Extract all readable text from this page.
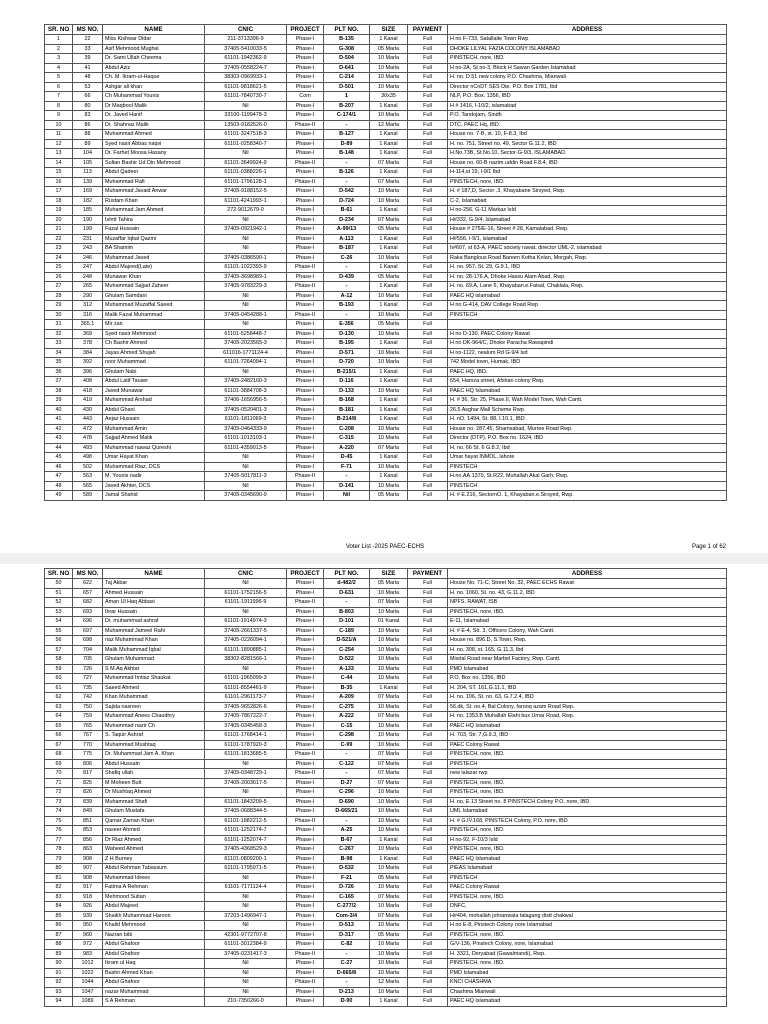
SR. NO	MS NO.	NAME	CNIC	PROJECT	PLT NO.	SIZE	PAYMENT	ADDRESS
1	22	Miss Kishwar Didar	211-3713396-9	Phase-I	B-135	1 Kanal	Full	H no F-733, Satallaite Town Rwp
2	33	Asif Mehmood Mughal	37405-5410033-5	Phase-I	G-308	05 Marla	Full	DHOKE LILYAL FAZIA COLONY ISLAMABAD
3	39	Dr. Sami Ullah Cheema	61101-1942362-9	Phase-I	D-504	10 Marla	Full	PINSTECH, nore, IBD.
4	41	Abdul Aziz	37405-0558224-7	Phase-I	D-641	10 Marla	Full	H no-2A, St no-3, Block H Sawan Garden Islamabad
5	48	Ch. M. Ikram-ul-Haque	38303-0969933-1	Phase-I	C-214	10 Marla	Full	H. no. D.51 new colony P.O. Chashma, Mianwali
6	53	Ashgar ali khan	61101-9818621-5	Phase-I	D-501	10 Marla	Full	Director nCnDT SES Dte. P.O. Box 1781, Ibd
7	66	Ch Muhammad Younis	61101-7840730-7	Com	1	30x35	Full	NLP, P.O. Box. 1356, IBD
8	80	Dr Maqbool Malik	Nil	Phase-I	B-207	1 Kanal	Full	H # 1416, I-10/2, islamabad
9	83	Dr. Javed Hanif	33100-1199478-3	Phase-I	C-174/1	10 Marla	Full	P.O. Tandojam, Sindh
10	86	Dr. Shahnaz Malik	13503-9182526-0	Phase-II	-	12 Marla	Full	DTC, PAEC Hq, IBD.
11	88	Muhammad Ahmed	61101-3247518-3	Phase-I	B-127	1 Kanal	Full	House no. 7-B, st. 10, F-8.3, Ibd
12	89	Syed nasir Abbas naqvi	61101-0258340-7	Phase-I	D-89	1 Kanal	Full	H. no. 751, Street no. 49, Sector G.11.2, IBD
13	104	Dr. Farhet Moosa Hasany	Nil	Phase-I	B-148	1 Kanal	Full	H.No.73B, St.No.10, Sector-G-9/3, ISLAMABAD.
14	105	Sultan Bashir Ud Din Mehmood	61101-3649924-9	Phase-II	-	07 Marla	Full	House no. 60-B nazim.uddin Road F.8.4, IBD
15	113	Abdul Qadeer	61101-0388226-1	Phase-I	B-126	1 Kanal	Full	H-114,st 19, I-9/1 Ibd
16	139	Muhammad Rafi	61101-1796128-1	Phase-II	-	07 Marla	Full	PINSTECH, nore, IBD.
17	169	Muhammad Javaid Anwar	37405-9188152-5	Phase-I	D-542	10 Marla	Full	H. # 187,D, Sector .3, Khayabane Sirsyed, Rwp.
18	182	Rustam Khan	61101-4241993-1	Phase-I	D-724	10 Marla	Full	C-2, Islamabad
19	185	Muhammad Jam Ahmed	272-9012679-0	Phase-I	B-61	1 Kanal	Full	H no-256, G-11 Markaz Isld
20	190	Ishrit Tahira	Nil	Phase-I	D-234	07 Marla	Full	H#332, G-9/4, Islamabad
21	199	Fazal Hussain	37405-0921942-1	Phase-I	A-99/13	05 Marla	Full	House # 275/E-16, Street # 28, Kamalabad, Rwp.
22	231	Muzaffar Iqbal Qazmi	Nil	Phase-I	A-113	1 Kanal	Full	H#556, I-9/1, islamabad
23	243	BA Shamim	Nil	Phase-I	B-187	1 Kanal	Full	h#607, st 63-A, PAEC society rawat, director UML-2, islamabad
24	246	Muhammad Javed	37405-0386590-1	Phase-I	C-26	10 Marla	Full	Raka Banglous Road Bareen Kotha Kolan, Morgah, Rwp.
25	247	Abdul Majeed(Late)	61101-1022393-9	Phase-II	-	1 Kanal	Full	H. no. 957, St. 29, G.9.1, IBD
26	248	Munawar Khan	37405-3698989-1	Phase-I	D-439	05 Marla	Full	H. no. 28-176.A, Dhoke Hassu Alam Abad, Rwp.
27	265	Muhammad Sajjad Zaheer	37405-9783229-3	Phase-II	-	1 Kanal	Full	H. no. 69.A, Lane 6, Khayaban.e.Faisal, Chaklala, Rwp.
28	290	Ghulam Samdani	Nil	Phase-I	A-12	10 Marla	Full	PAEC HQ islamabad
29	312	Muhammad Muzaffal Saeed	Nil	Phase-I	B-193	1 Kanal	Full	H no G-414, DAV College Road Rwp
30	316	Malik Fazal Muhammad	37405-0454288-1	Phase-II	-	10 Marla	Full	PINSTECH
31	365.1	Mir zan	Nil	Phase-I	E-356	05 Marla	Full	
32	369	Syed nasir Mehmood	61101-5258448-7	Phase-I	D-130	10 Marla	Full	H no D-130, PAEC Colony Rawat
33	378	Ch Bashir Ahmed	37405-2023565-3	Phase-I	B-195	1 Kanal	Full	H no DK-964/C, Dhoke Paracha Rawapindi
34	384	Jayas Ahmed Shujah	611016-1771124-4	Phase-I	D-571	10 Marla	Full	H no-1122, nealum Rd G-9/4 Isd
35	392	noor Muhammad	61101-7264094-1	Phase-I	D-720	10 Marla	Full	742 Model town, Humak, IBD
36	396	Ghulam Nabi	Nil	Phase-I	B-215/1	1 Kanal	Full	PAEC HQ, IBD.
37	408	Abdul Latif Tauser	37405-2482160-3	Phase-I	D-116	1 Kanal	Full	654, Hamza street, Afshan colony Rwp.
38	418	Javed Munawar	61101-3884708-3	Phase-I	D-133	10 Marla	Full	PAEC HQ Islamabad
39	419	Muhammad Arshad	37406-1656956-5	Phase-I	B-168	1 Kanal	Full	H. # 36, Str. 25, Phase.II, Wah Model Town, Wah Cantt.
40	430	Abdul Ghani	37405-0520401-3	Phase-I	B-181	1 Kanal	Full	26.5 Asghar Mall Scheme Rwp.
41	443	Aejaz Hussain	61101-1811069-3	Phase-I	B-214/8	1 Kanal	Full	H. nO. 1494, St. 88, I.10.1, IBD
42	472	Muhammad Amin	37405-0464333-9	Phase-I	C-208	10 Marla	Full	House no. 287.45, Shamsabad, Murree Road Rwp.
43	478	Sajjad Ahmed Malik	61101-1013103-1	Phase-I	C-315	10 Marla	Full	Director (DTP), P.O. Box no. 1624, IBD
44	493	Muhammad nawaz Qureshi	61101-4359013-5	Phase-I	A-220	07 Marla	Full	H. no. 66 St. 6 G.8.2, Ibd
45	498	Umar Hayat Khan	Nil	Phase-I	D-45	1 Kanal	Full	Umar hayat INMOL, lahore
46	502	Muhammad Riaz, DCS	Nil	Phase-I	F-71	10 Marla	Full	PINSTECH
47	563	M. Younis nadir	37405-5017811-3	Phase-II	-	1 Kanal	Full	H.no.AA.1370, St.R22, Muhallah Akal Garh, Rwp.
48	565	Javed Akhter, DCS	Nil	Phase-I	D-141	10 Marla	Full	PINSTECH
49	589	Jamal Shahid	37405-0345690-9	Phase-I	Nil	05 Marla	Full	H. # E.216, SectornO. 1, Khayaban.e.Sirsyed, Rwp.
Voter List -2025 PAEC-ECHS	Page 1 of 62
SR. NO	MS NO.	NAME	CNIC	PROJECT	PLT NO.	SIZE	PAYMENT	ADDRESS
50	622	Taj Akbar	Nil	Phase-I	d-482/2	05 Marla	Full	House No. 71-C, Street No. 32, PAEC ECHS Rawat
51	657	Ahmed Hussain	61101-1752156-5	Phase-I	D-631	10 Marla	Full	H. no. 1060, St. no. 43, G.11.2, IBD
52	682	Aman Ul Haq Abbasi	61101-1911996-9	Phase-II	-	07 Marla	Full	NPFS, RAWAT, ISB
53	693	Ibrar Hussain	Nil	Phase-I	B-803	10 Marla	Full	PINSTECH, nore, IBD.
54	696	Dr. muhammad ashraf	61101-1914974-3	Phase-I	D-101	01 Kanal	Full	E-11, Islamabad
55	697	Muhammad Jameel Rahi	37405-2661337-5	Phase-I	C-189	10 Marla	Full	H. # E-4, Str. 3, Officers Colony, Wah Cantt.
56	698	riaz Muhammad Khan	37405-0226094-1	Phase-I	D-521/A	10 Marla	Full	House no. 896.D, S.Town, Rwp.
57	704	Malik Muhammad Iqbal	61101-1890885-1	Phase-I	C-254	10 Marla	Full	H. no. 308, st. 165, G.11.3, Ibd
58	705	Ghulam Muhammad	38302-8281566-1	Phase-I	D-522	10 Marla	Full	Misrial Road near Marbel Factory, Rwp. Cantt.
59	726	S M.Aq Akhtar	Nil	Phase-I	A-133	10 Marla	Full	PMD Islamabad
60	727	Muhammad Imtiaz Shaukat	61101-1965099-3	Phase-I	C-44	10 Marla	Full	P.O. Box no. 1356, IBD
61	735	Saeed Ahmed	61101-8554461-9	Phase-I	B-35	1 Kanal	Full	H. 204, ST. 161,G.11.1, IBD
62	742	Khan Muhammad	61101-2961173-7	Phase-I	A-209	07 Marla	Full	H. no. 106, St. no. 63, G.7.2.4, IBD
63	750	Sajida nasreen	37405-9652826-6	Phase-I	C-275	10 Marla	Full	56.dk, St. no.4, Bal Colony, farooq azam Road Rwp.
64	759	Muhammad Anees Chaudhry	37405-7867222-7	Phase-I	A-222	07 Marla	Full	H. no. 1353.B Muhallah Elahi bux Umar Road, Rwp.
65	765	Muhammad nazir Ch	37405-0345458-3	Phase-I	C-15	10 Marla	Full	PAEC HQ Islamabad
66	767	S. Taquir Ashraf	61101-1768414-1	Phase-I	C-298	10 Marla	Full	H. 703, Str. 7,G.9.3, IBD
67	770	Muhammad Mushtaq	61101-1787920-3	Phase-I	C-99	10 Marla	Full	PAEC Colony Rawat
68	775	Dr. Muhammad Jam A. Khan	61101-1813685-5	Phase-II	-	07 Marla	Full	PINSTECH, nore, IBD.
69	806	Abdul Hussain	Nil	Phase-I	C-122	07 Marla	Full	PINSTECH
70	817	Shafiq ullah	37405-0348729-1	Phase-II	-	07 Marla	Full	new lalazar rwp
71	825	M Moheen Butt	37405-2003617-5	Phase-I	D-27	07 Marla	Full	PINSTECH, nore, IBD.
72	826	Dr Mushtaq Ahmed	Nil	Phase-I	C-296	10 Marla	Full	PINSTECH, nore, IBD.
73	839	Muhammad Shafi	61101-1843209-5	Phase-I	D-690	10 Marla	Full	H. no. E.13 Street no. 8 PINSTECH Colony P.O. nore, IBD
74	849	Ghulam Mustafa	37405-0688344-5	Phase-I	D-665/21	10 Marla	Full	UML Islamabad
75	851	Qamar Zaman Khan	61101-1882212-5	Phase-II	-	10 Marla	Full	H. # G.IV.168, PINSTECH Colony, P.O. nore, IBD
76	853	naseer Ahmed	61101-1252174-7	Phase-I	A-25	10 Marla	Full	PINSTECH, nore, IBD.
77	856	Dr Riaz Ahmed	61101-1252074-7	Phase-I	B-67	1 Kanal	Full	H no-92, F-10/3 Isld
78	863	Waheed Ahmed	37405-4368529-3	Phase-I	C-267	10 Marla	Full	PINSTECH, nore, IBD.
79	908	Z H Burney	61101-0809200-1	Phase-I	B-98	1 Kanal	Full	PAEC HQ Islamabad
80	907	Abdul Rehman Tabassum	61101-1795971-5	Phase-I	D-532	10 Marla	Full	PIEAS Islamabad
81	908	Muhammad Idrees	Nil	Phase-I	F-21	05 Marla	Full	PINSTECH
82	917	Fatima A Rehman	61101-7171124-4	Phase-I	D-726	10 Marla	Full	PAEC Colony Rawat
83	918	Mehmood Sultan	Nil	Phase-I	C-165	07 Marla	Full	PINSTECH, nore, IBD.
84	926	Abdul Majeed	Nil	Phase-I	C-277/2	10 Marla	Full	DNFC,
85	939	Shaikh Muhammad Haroon	37203-1496947-1	Phase-I	Com-3/4	07 Marla	Full	H#404, mohallah johranwala talagang distt chakwal
86	950	Khalid Mehmood	Nil	Phase-I	D-513	10 Marla	Full	H no E-8, Pinstech Colony nore Islamabad
87	960	Nazran bibi	42301-9772707-8	Phase-I	D-317	05 Marla	Full	PINSTECH, nore, IBD.
88	972	Abdul Ghafoor	61101-3012384-9	Phase-I	C-82	10 Marla	Full	G/V-136, Pinstech Colony, nore, Islamabad
89	983	Abdul Ghafoor	37405-0231417-3	Phase-II	-	10 Marla	Full	H. 3321, Deryabad (Gawalmandi), Rwp.
90	1012	Ikram ul Haq	Nil	Phase-I	C-27	10 Marla	Full	PINSTECH, nore, IBD.
91	1022	Bashir Ahmed Khan	Nil	Phase-I	D-665/8	10 Marla	Full	PMD Islamabad
92	1044	Abdul Ghafoor	Nil	Phase-II	-	12 Marla	Full	KNCI CHASHMA
93	1047	nazar Muhammad	Nil	Phase-I	D-213	10 Marla	Full	Chashma Mianwali
94	1089	S A Rehman	210-7350266-0	Phase-I	D-90	1 Kanal	Full	PAEC HQ Islamabad
